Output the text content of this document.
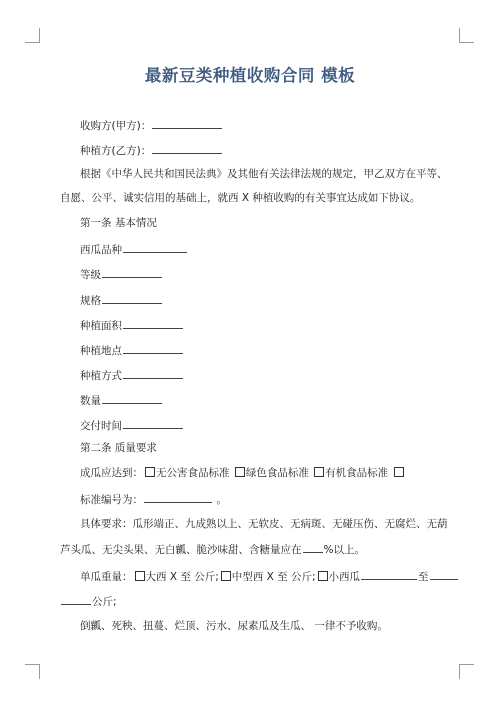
最新豆类种植收购合同 模板
收购方(甲方)：
种植方(乙方)：
根据《中华人民共和国民法典》及其他有关法律法规的规定，甲乙双方在平等、
自愿、公平、诚实信用的基础上，就西 X 种植收购的有关事宜达成如下协议。
第一条 基本情况
西瓜品种
等级
规格
种植面积
种植地点
种植方式
数量
交付时间
第二条 质量要求
成瓜应达到： 无公害食品标准 绿色食品标准 有机食品标准
标准编号为：	。
具体要求：瓜形端正、九成熟以上、无软皮、无病斑、无碰压伤、无腐烂、无葫
芦头瓜、无尖头果、无白瓤、脆沙味甜、含糖量应在 %以上。
单瓜重量： 大西 X 至 公斤; 中型西 X 至 公斤; 小西瓜	至
公斤;
倒瓤、死秧、扭蔓、烂顶、污水、尿素瓜及生瓜、 一律不予收购。
